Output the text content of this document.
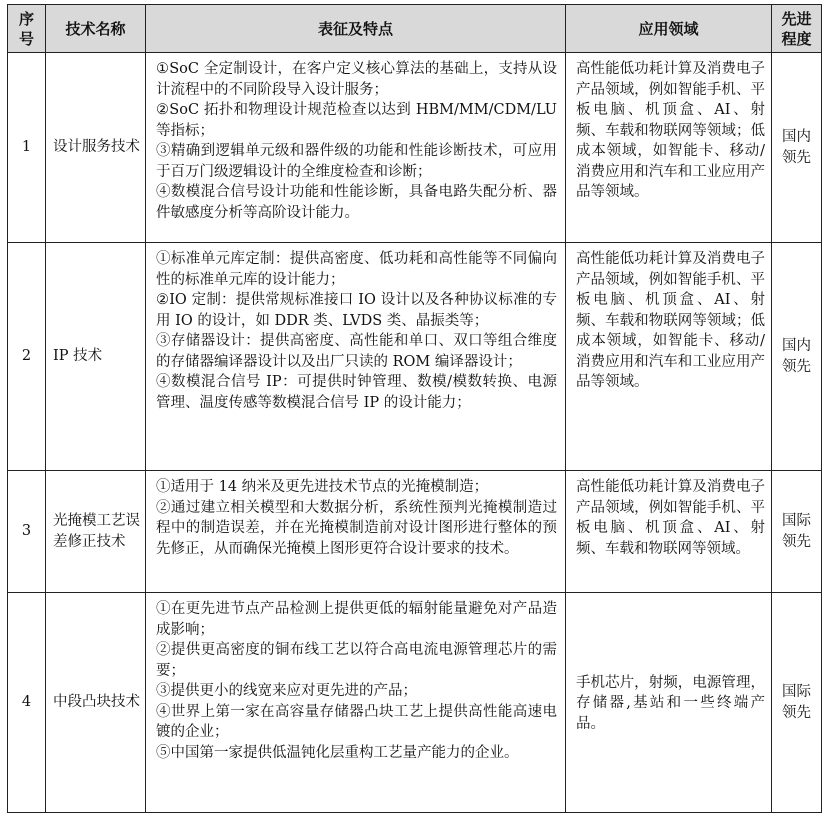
序号	技术名称	表征及特点	应用领域	先进程度
1	设计服务技术	①SoC 全定制设计，在客户定义核心算法的基础上，支持从设计流程中的不同阶段导入设计服务；
②SoC 拓扑和物理设计规范检查以达到 HBM/MM/CDM/LU 等指标；
③精确到逻辑单元级和器件级的功能和性能诊断技术，可应用于百万门级逻辑设计的全维度检查和诊断；
④数模混合信号设计功能和性能诊断，具备电路失配分析、器件敏感度分析等高阶设计能力。	高性能低功耗计算及消费电子产品领域，例如智能手机、平板电脑、机顶盒、AI、射频、车载和物联网等领域；低成本领域，如智能卡、移动/消费应用和汽车和工业应用产品等领域。	国内领先
2	IP 技术	①标准单元库定制：提供高密度、低功耗和高性能等不同偏向性的标准单元库的设计能力；
②IO 定制：提供常规标准接口 IO 设计以及各种协议标准的专用 IO 的设计，如 DDR 类、LVDS 类、晶振类等；
③存储器设计：提供高密度、高性能和单口、双口等组合维度的存储器编译器设计以及出厂只读的 ROM 编译器设计；
④数模混合信号 IP：可提供时钟管理、数模/模数转换、电源管理、温度传感等数模混合信号 IP 的设计能力；	高性能低功耗计算及消费电子产品领域，例如智能手机、平板电脑、机顶盒、AI、射频、车载和物联网等领域；低成本领域，如智能卡、移动/消费应用和汽车和工业应用产品等领域。	国内领先
3	光掩模工艺误差修正技术	①适用于 14 纳米及更先进技术节点的光掩模制造；
②通过建立相关模型和大数据分析，系统性预判光掩模制造过程中的制造误差，并在光掩模制造前对设计图形进行整体的预先修正，从而确保光掩模上图形更符合设计要求的技术。	高性能低功耗计算及消费电子产品领域，例如智能手机、平板电脑、机顶盒、AI、射频、车载和物联网等领域。	国际领先
4	中段凸块技术	①在更先进节点产品检测上提供更低的辐射能量避免对产品造成影响；
②提供更高密度的铜布线工艺以符合高电流电源管理芯片的需要；
③提供更小的线宽来应对更先进的产品；
④世界上第一家在高容量存储器凸块工艺上提供高性能高速电镀的企业；
⑤中国第一家提供低温钝化层重构工艺量产能力的企业。	手机芯片，射频，电源管理，存储器,基站和一些终端产品。	国际领先
